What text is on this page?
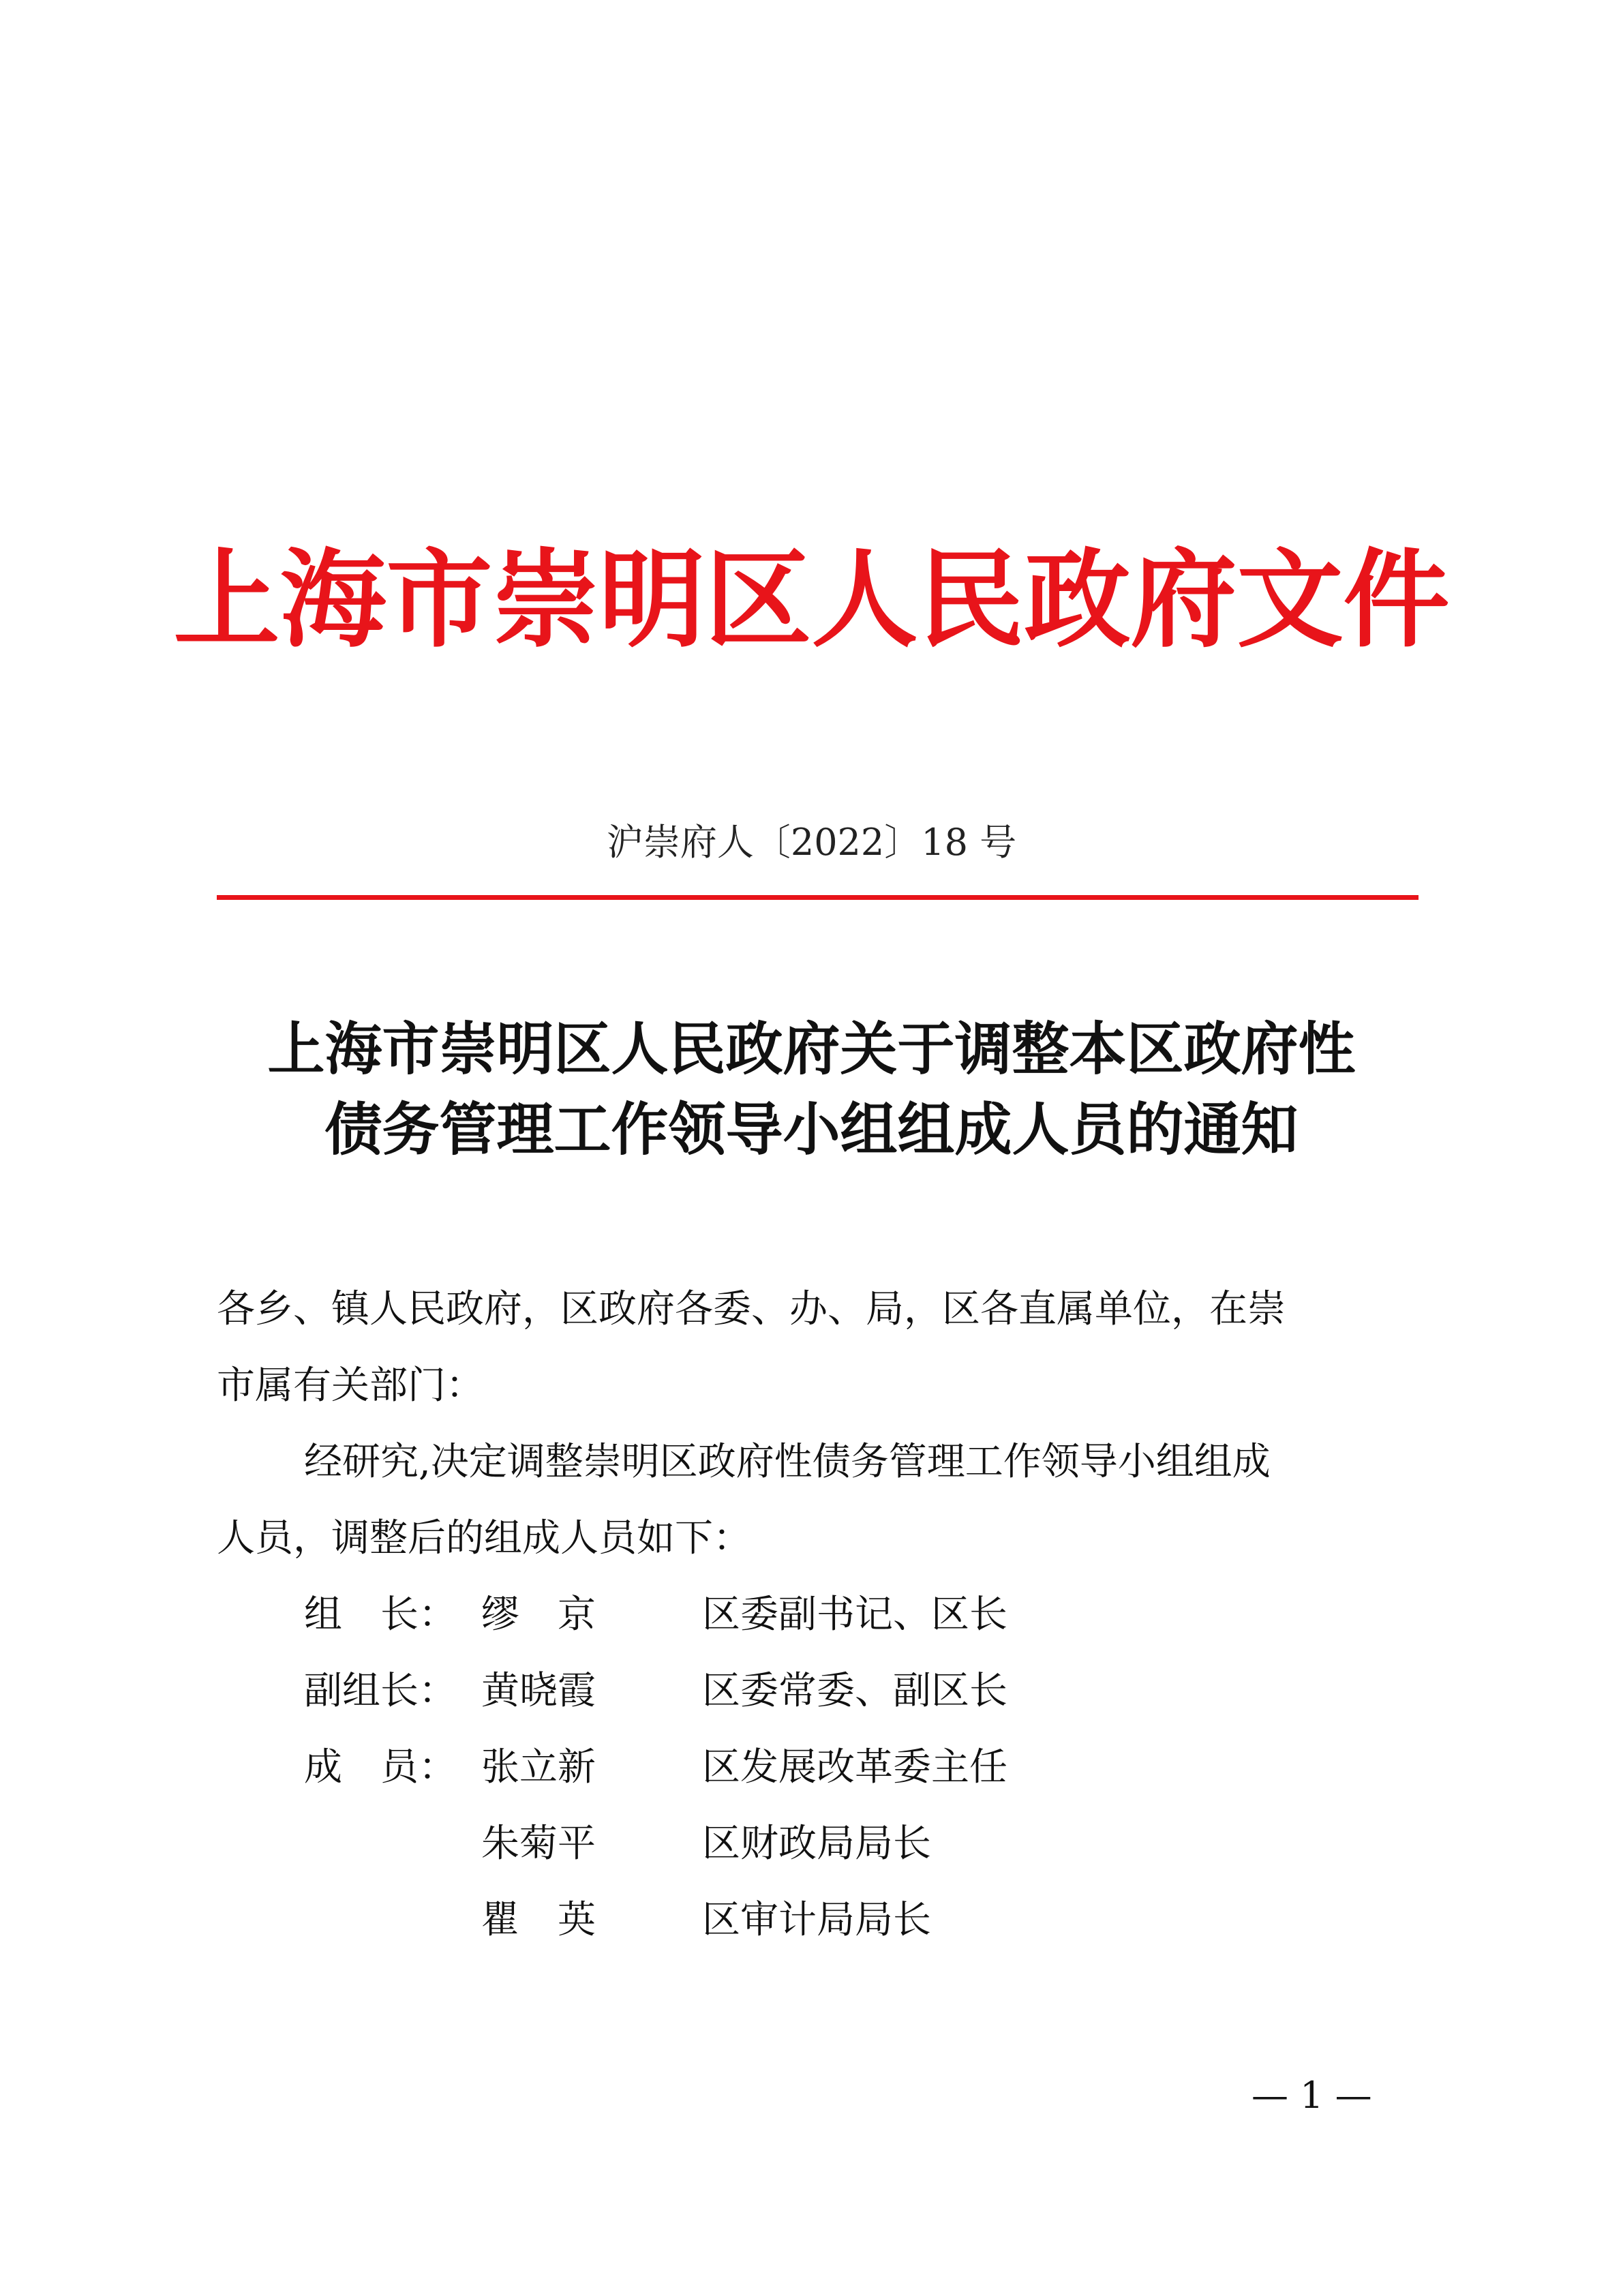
上海市崇明区人民政府文件
沪崇府人〔2022〕18 号
上海市崇明区人民政府关于调整本区政府性
债务管理工作领导小组组成人员的通知
各乡、镇人民政府，区政府各委、办、局，区各直属单位，在崇
市属有关部门：
经研究,决定调整崇明区政府性债务管理工作领导小组组成
人员，调整后的组成人员如下：
组　长： 缪　京	区委副书记、区长
副组长： 黄晓霞	区委常委、副区长
成　员： 张立新	区发展改革委主任
朱菊平	区财政局局长
瞿　英	区审计局局长
— 1 —
